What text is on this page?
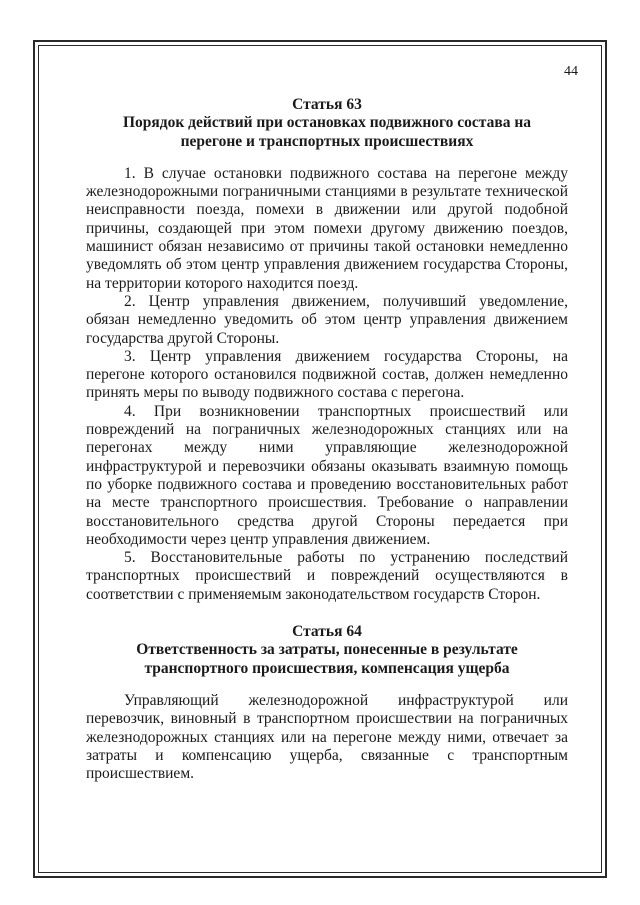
44

Статья 63

Порядок действий при остановках подвижного состава на

перегоне и транспортных происшествиях

1. В случае остановки подвижного состава на перегоне между железнодорожными пограничными станциями в результате технической неисправности поезда, помехи в движении или другой подобной причины, создающей при этом помехи другому движению поездов, машинист обязан независимо от причины такой остановки немедленно уведомлять об этом центр управления движением государства Стороны, на территории которого находится поезд.

2. Центр управления движением, получивший уведомление, обязан немедленно уведомить об этом центр управления движением государства другой Стороны.

3. Центр управления движением государства Стороны, на перегоне которого остановился подвижной состав, должен немедленно принять меры по выводу подвижного состава с перегона.

4. При возникновении транспортных происшествий или повреждений на пограничных железнодорожных станциях или на перегонах между ними управляющие железнодорожной инфраструктурой и перевозчики обязаны оказывать взаимную помощь по уборке подвижного состава и проведению восстановительных работ на месте транспортного происшествия. Требование о направлении восстановительного средства другой Стороны передается при необходимости через центр управления движением.

5. Восстановительные работы по устранению последствий транспортных происшествий и повреждений осуществляются в соответствии с применяемым законодательством государств Сторон.

Статья 64

Ответственность за затраты, понесенные в результате

транспортного происшествия, компенсация ущерба

Управляющий железнодорожной инфраструктурой или перевозчик, виновный в транспортном происшествии на пограничных железнодорожных станциях или на перегоне между ними, отвечает за затраты и компенсацию ущерба, связанные с транспортным происшествием.
